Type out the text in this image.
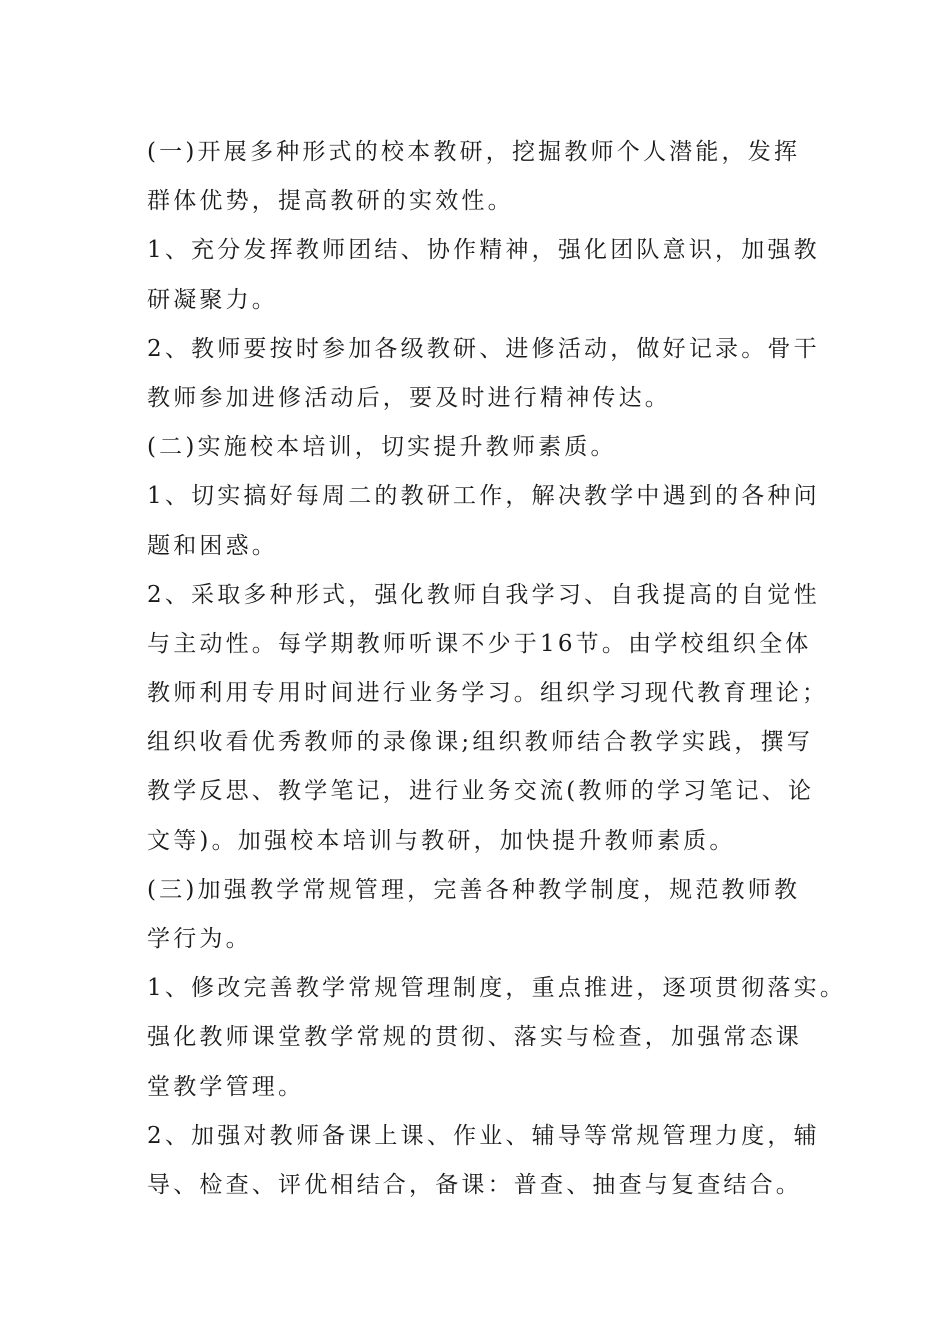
(一)开展多种形式的校本教研，挖掘教师个人潜能，发挥
群体优势，提高教研的实效性。
1、充分发挥教师团结、协作精神，强化团队意识，加强教
研凝聚力。
2、教师要按时参加各级教研、进修活动，做好记录。骨干
教师参加进修活动后，要及时进行精神传达。
(二)实施校本培训，切实提升教师素质。
1、切实搞好每周二的教研工作，解决教学中遇到的各种问
题和困惑。
2、采取多种形式，强化教师自我学习、自我提高的自觉性
与主动性。每学期教师听课不少于16节。由学校组织全体
教师利用专用时间进行业务学习。组织学习现代教育理论；
组织收看优秀教师的录像课;组织教师结合教学实践，撰写
教学反思、教学笔记，进行业务交流(教师的学习笔记、论
文等)。加强校本培训与教研，加快提升教师素质。
(三)加强教学常规管理，完善各种教学制度，规范教师教
学行为。
1、修改完善教学常规管理制度，重点推进，逐项贯彻落实。
强化教师课堂教学常规的贯彻、落实与检查，加强常态课
堂教学管理。
2、加强对教师备课上课、作业、辅导等常规管理力度，辅
导、检查、评优相结合，备课：普查、抽查与复查结合。
